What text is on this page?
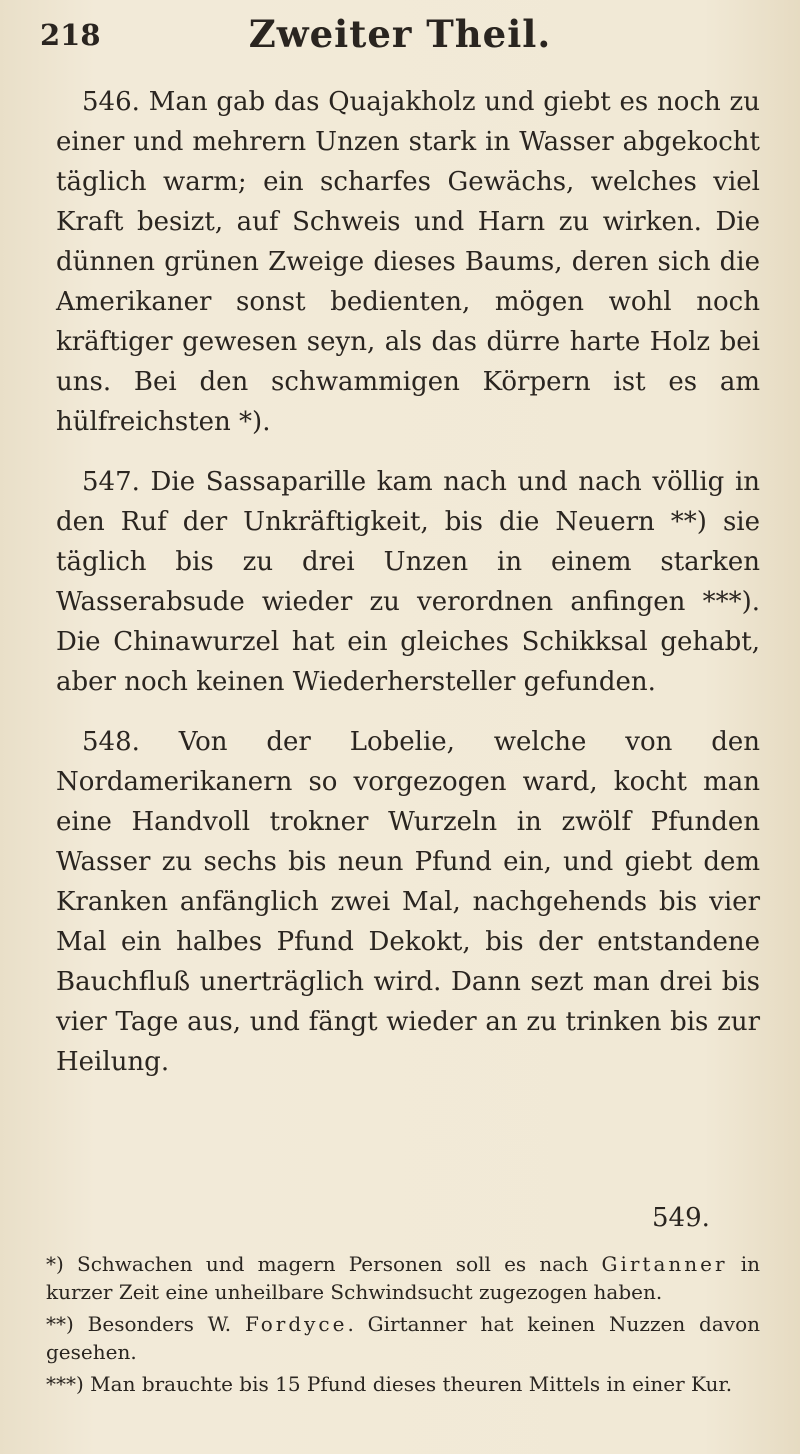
218	Zweiter Theil.

546. Man gab das Quajakholz und giebt es noch zu einer und mehrern Unzen stark in Wasser abgekocht täglich warm; ein scharfes Gewächs, welches viel Kraft besizt, auf Schweis und Harn zu wirken. Die dünnen grünen Zweige dieses Baums, deren sich die Amerikaner sonst bedienten, mögen wohl noch kräftiger gewesen seyn, als das dürre harte Holz bei uns. Bei den schwammigen Körpern ist es am hülfreichsten *).

547. Die Sassaparille kam nach und nach völlig in den Ruf der Unkräftigkeit, bis die Neuern **) sie täglich bis zu drei Unzen in einem starken Wasserabsude wieder zu verordnen anfingen ***). Die Chinawurzel hat ein gleiches Schikksal gehabt, aber noch keinen Wiederhersteller gefunden.

548. Von der Lobelie, welche von den Nordamerikanern so vorgezogen ward, kocht man eine Handvoll trokner Wurzeln in zwölf Pfunden Wasser zu sechs bis neun Pfund ein, und giebt dem Kranken anfänglich zwei Mal, nachgehends bis vier Mal ein halbes Pfund Dekokt, bis der entstandene Bauchfluß unerträglich wird. Dann sezt man drei bis vier Tage aus, und fängt wieder an zu trinken bis zur Heilung.

549.

*) Schwachen und magern Personen soll es nach Girtanner in kurzer Zeit eine unheilbare Schwindsucht zugezogen haben.

**) Besonders W. Fordyce. Girtanner hat keinen Nuzzen davon gesehen.

***) Man brauchte bis 15 Pfund dieses theuren Mittels in einer Kur.
